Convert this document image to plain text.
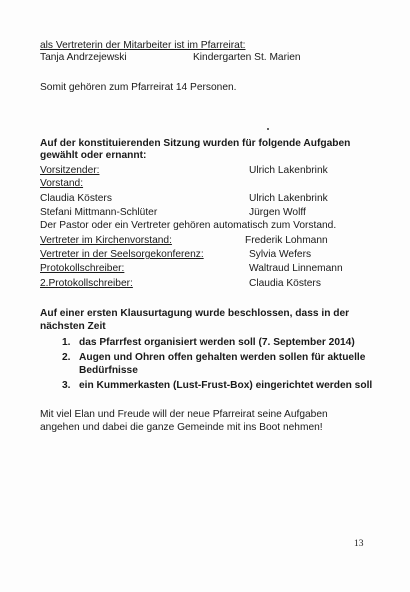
als Vertreterin der Mitarbeiter ist im Pfarreirat:
Tanja Andrzejewski	Kindergarten St. Marien
Somit gehören zum Pfarreirat 14 Personen.
Auf der konstituierenden Sitzung wurden für folgende Aufgaben
gewählt oder ernannt:
Vorsitzender:	Ulrich Lakenbrink
Vorstand:
Claudia Kösters	Ulrich Lakenbrink
Stefani Mittmann-Schlüter	Jürgen Wolff
Der Pastor oder ein Vertreter gehören automatisch zum Vorstand.
Vertreter im Kirchenvorstand:	Frederik Lohmann
Vertreter in der Seelsorgekonferenz:	Sylvia Wefers
Protokollschreiber:	Waltraud Linnemann
2.Protokollschreiber:	Claudia Kösters
Auf einer ersten Klausurtagung wurde beschlossen, dass in der
nächsten Zeit
1. das Pfarrfest organisiert werden soll (7. September 2014)
2. Augen und Ohren offen gehalten werden sollen für aktuelle
Bedürfnisse
3. ein Kummerkasten (Lust-Frust-Box) eingerichtet werden soll
Mit viel Elan und Freude will der neue Pfarreirat seine Aufgaben
angehen und dabei die ganze Gemeinde mit ins Boot nehmen!
13
